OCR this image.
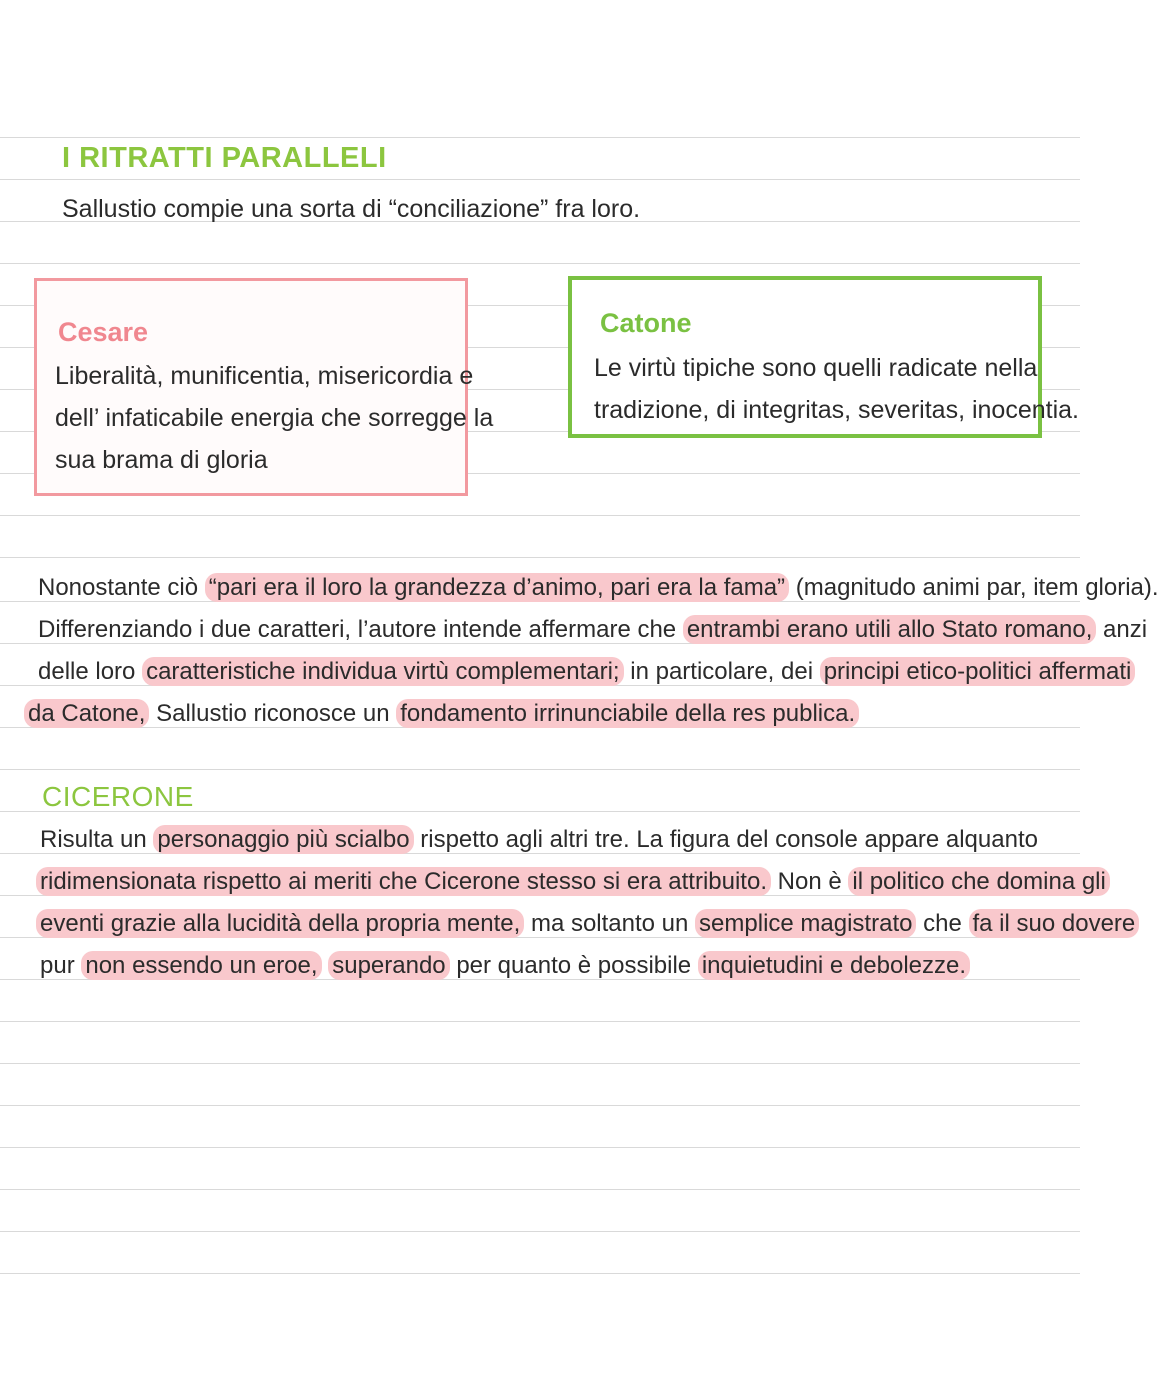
I RITRATTI PARALLELI
Sallustio compie una sorta di “conciliazione” fra loro.
Cesare
Liberalità, munificentia, misericordia e
dell’ infaticabile energia che sorregge la
sua brama di gloria
Catone
Le virtù tipiche sono quelli radicate nella
tradizione, di integritas, severitas, inocentia.
Nonostante ciò “pari era il loro la grandezza d’animo, pari era la fama” (magnitudo animi par, item gloria).
Differenziando i due caratteri, l’autore intende affermare che entrambi erano utili allo Stato romano, anzi
delle loro caratteristiche individua virtù complementari; in particolare, dei principi etico-politici affermati
da Catone, Sallustio riconosce un fondamento irrinunciabile della res publica.
CICERONE
Risulta un personaggio più scialbo rispetto agli altri tre. La figura del console appare alquanto
ridimensionata rispetto ai meriti che Cicerone stesso si era attribuito. Non è il politico che domina gli
eventi grazie alla lucidità della propria mente, ma soltanto un semplice magistrato che fa il suo dovere
pur non essendo un eroe, superando per quanto è possibile inquietudini e debolezze.
